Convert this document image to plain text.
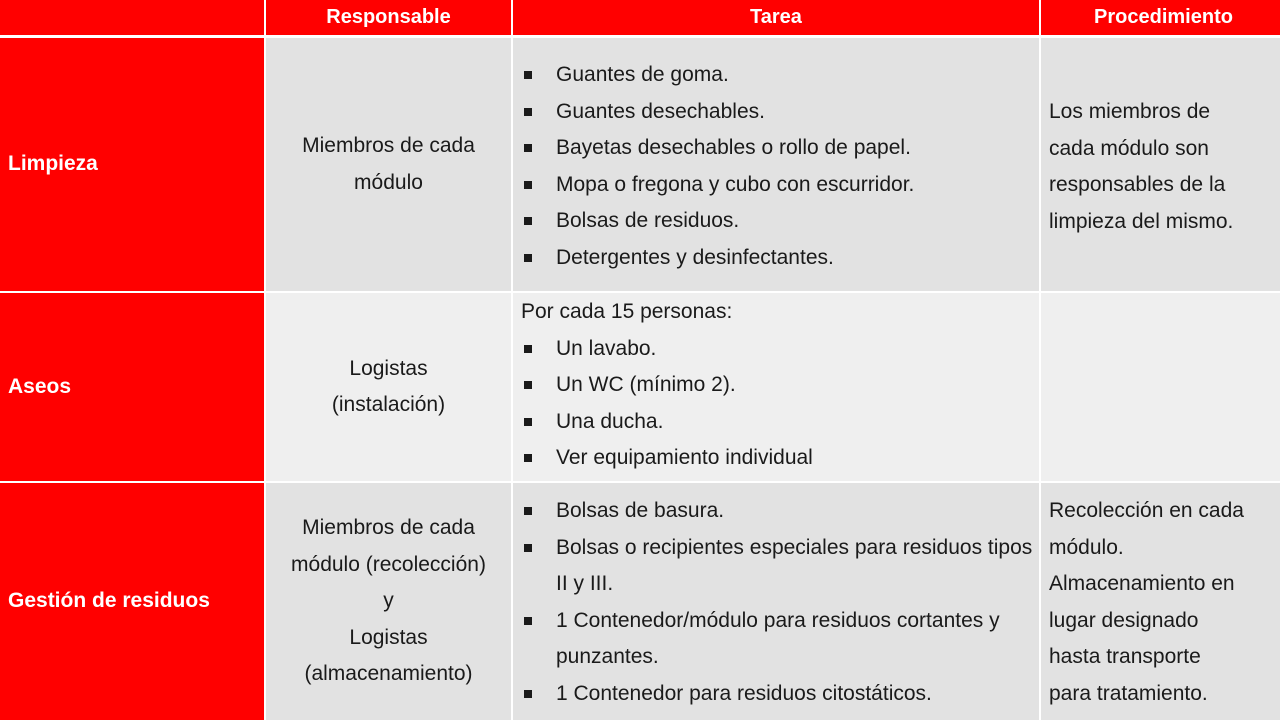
Responsable	Tarea	Procedimiento
Limpieza
Miembros de cada
módulo
Guantes de goma.
Guantes desechables.
Bayetas desechables o rollo de papel.
Mopa o fregona y cubo con escurridor.
Bolsas de residuos.
Detergentes y desinfectantes.
Los miembros de
cada módulo son
responsables de la
limpieza del mismo.
Aseos
Logistas
(instalación)
Por cada 15 personas:
Un lavabo.
Un WC (mínimo 2).
Una ducha.
Ver equipamiento individual
Gestión de residuos
Miembros de cada
módulo (recolección)
y
Logistas
(almacenamiento)
Bolsas de basura.
Bolsas o recipientes especiales para residuos tipos II y III.
1 Contenedor/módulo para residuos cortantes y punzantes.
1 Contenedor para residuos citostáticos.
Recolección en cada
módulo.
Almacenamiento en
lugar designado
hasta transporte
para tratamiento.
